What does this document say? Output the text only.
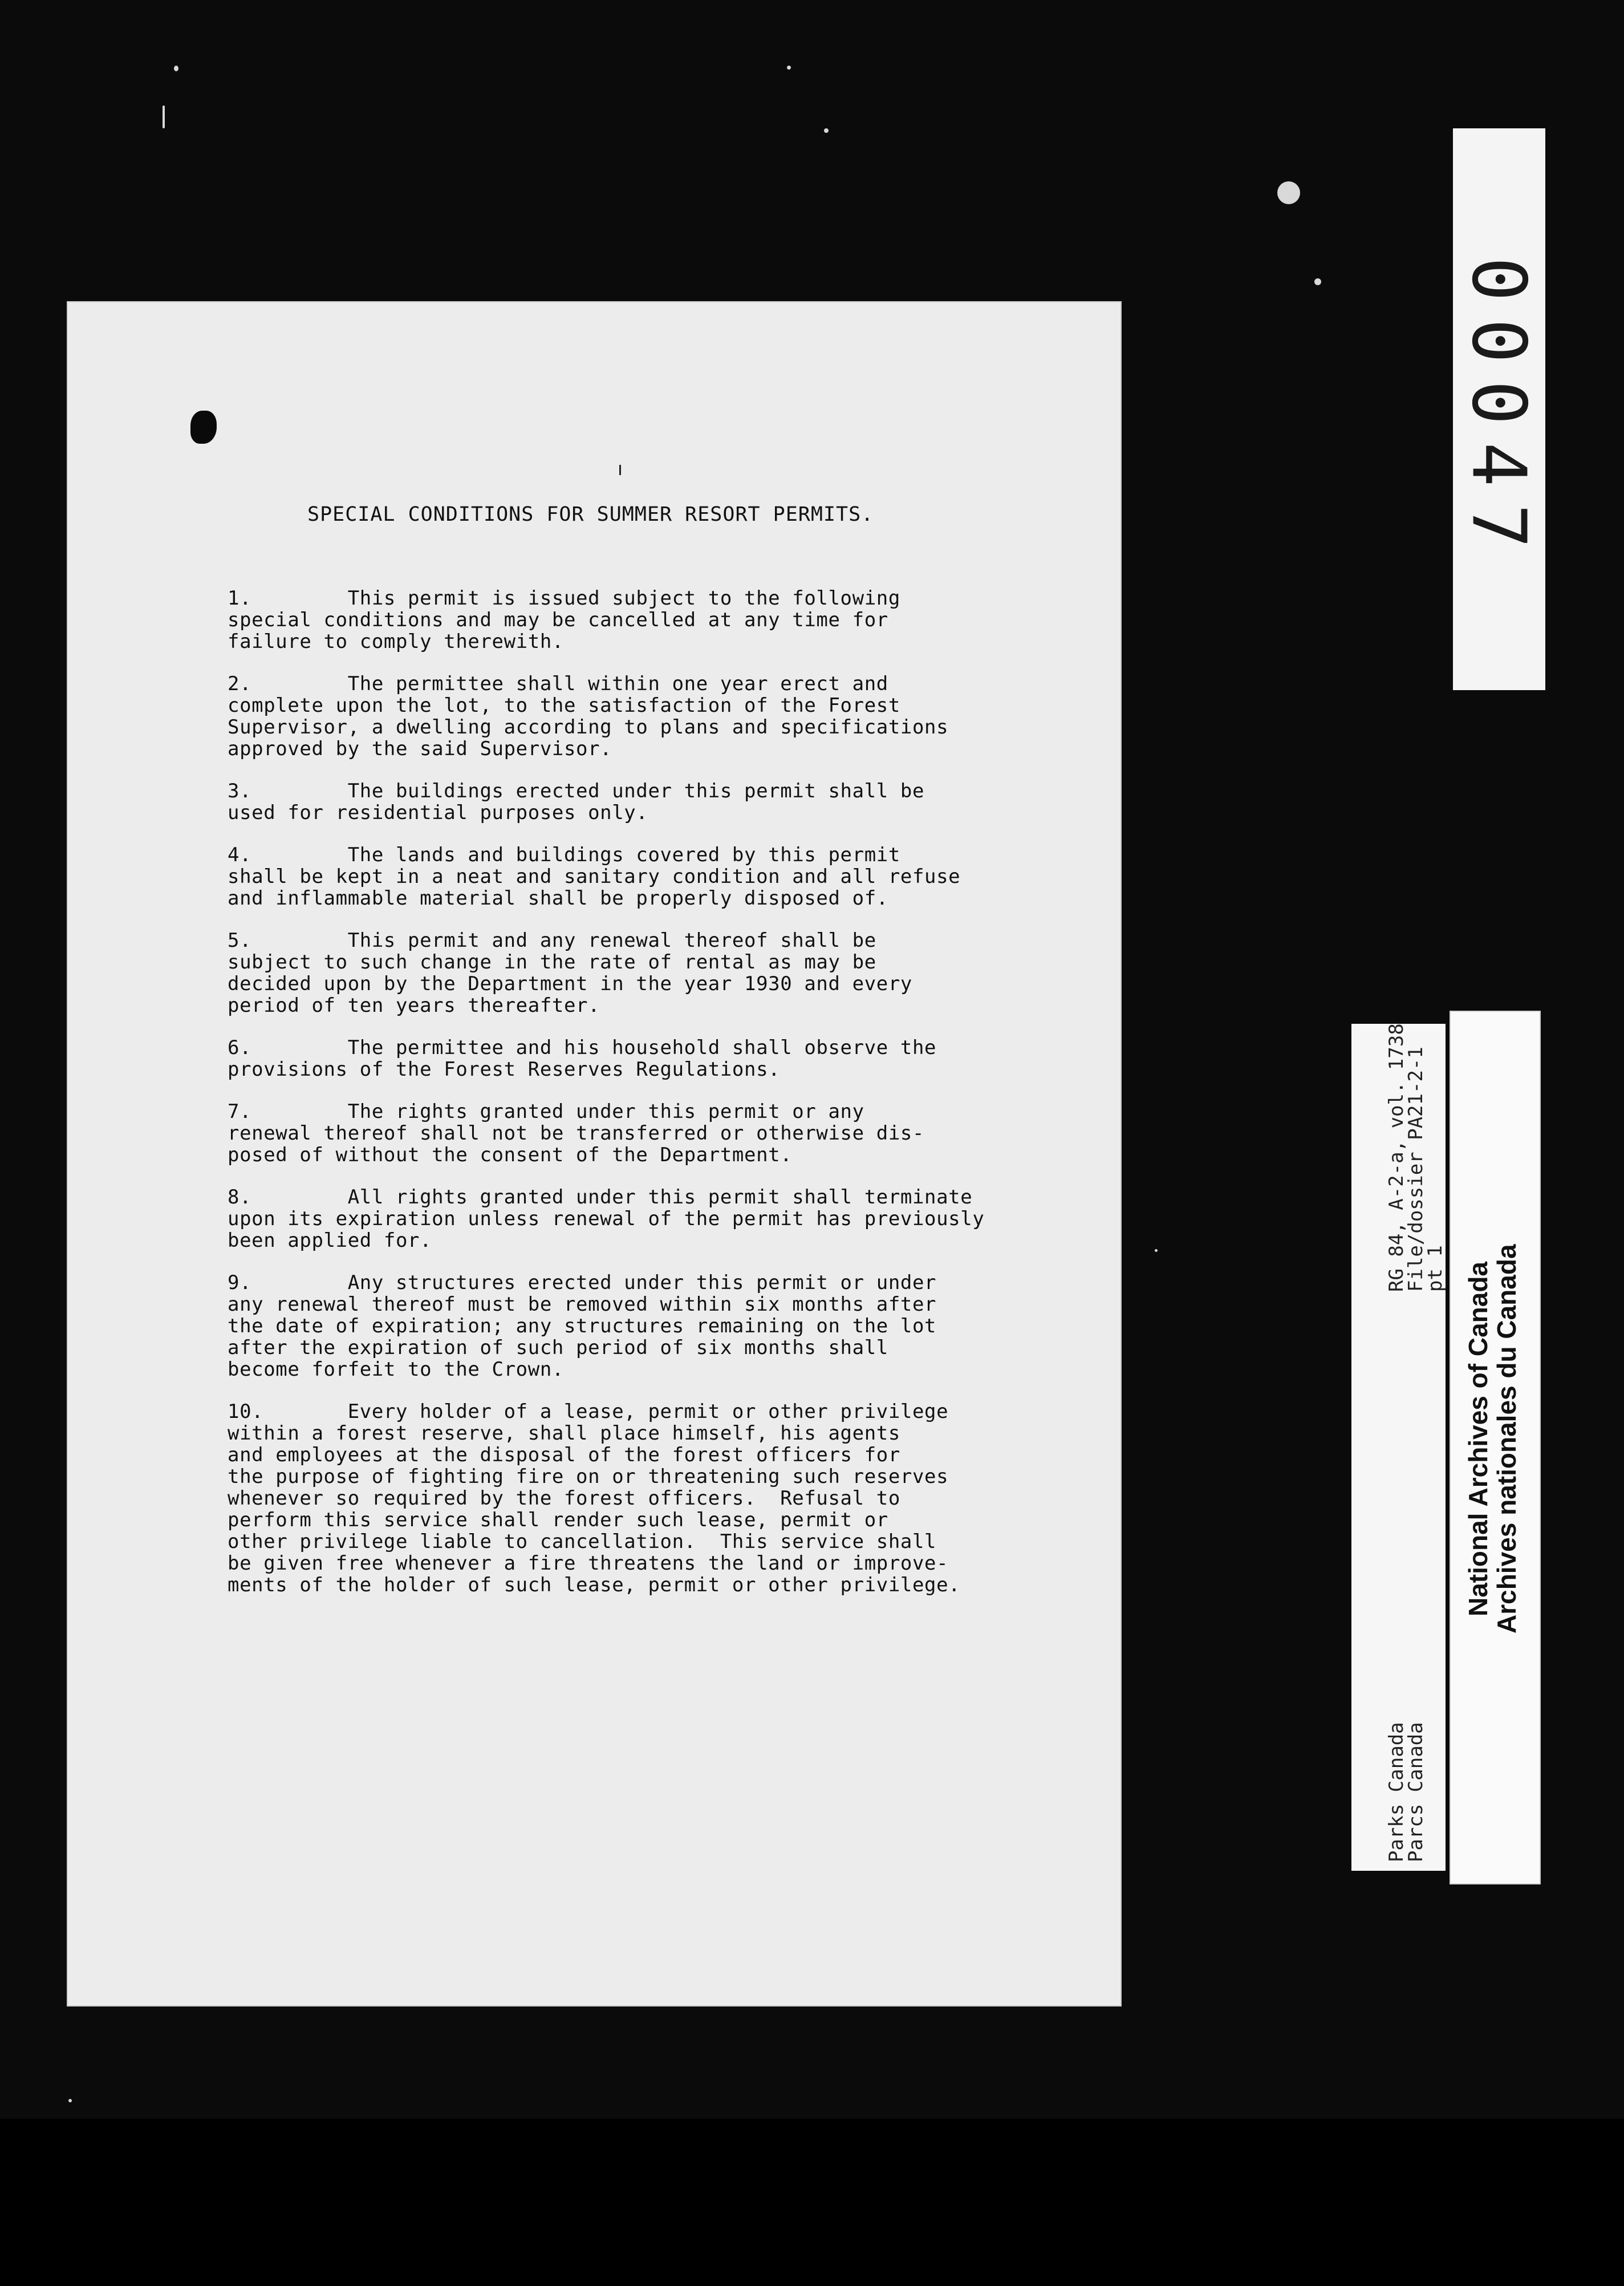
SPECIAL CONDITIONS FOR SUMMER RESORT PERMITS.
1.        This permit is issued subject to the following
special conditions and may be cancelled at any time for
failure to comply therewith.
2.        The permittee shall within one year erect and
complete upon the lot, to the satisfaction of the Forest
Supervisor, a dwelling according to plans and specifications
approved by the said Supervisor.
3.        The buildings erected under this permit shall be
used for residential purposes only.
4.        The lands and buildings covered by this permit
shall be kept in a neat and sanitary condition and all refuse
and inflammable material shall be properly disposed of.
5.        This permit and any renewal thereof shall be
subject to such change in the rate of rental as may be
decided upon by the Department in the year 1930 and every
period of ten years thereafter.
6.        The permittee and his household shall observe the
provisions of the Forest Reserves Regulations.
7.        The rights granted under this permit or any
renewal thereof shall not be transferred or otherwise dis-
posed of without the consent of the Department.
8.        All rights granted under this permit shall terminate
upon its expiration unless renewal of the permit has previously
been applied for.
9.        Any structures erected under this permit or under
any renewal thereof must be removed within six months after
the date of expiration; any structures remaining on the lot
after the expiration of such period of six months shall
become forfeit to the Crown.
10.       Every holder of a lease, permit or other privilege
within a forest reserve, shall place himself, his agents
and employees at the disposal of the forest officers for
the purpose of fighting fire on or threatening such reserves
whenever so required by the forest officers.  Refusal to
perform this service shall render such lease, permit or
other privilege liable to cancellation.  This service shall
be given free whenever a fire threatens the land or improve-
ments of the holder of such lease, permit or other privilege.
00047
RG 84, A-2-a, vol. 1738
File/dossier PA21-2-1
pt 1
Parks Canada
Parcs Canada
National Archives of Canada
Archives nationales du Canada
